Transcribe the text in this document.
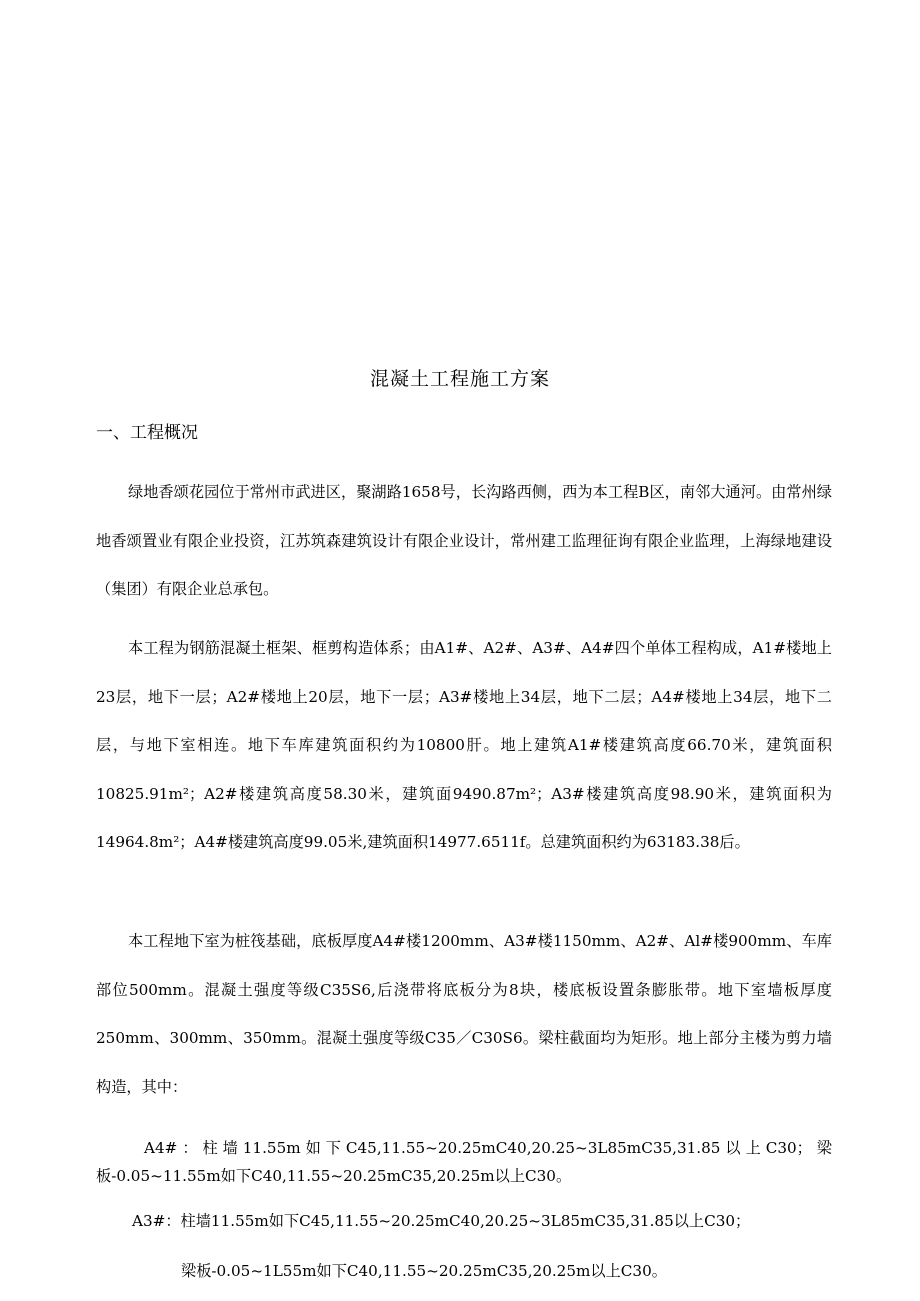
混凝土工程施工方案
一、工程概况

绿地香颂花园位于常州市武进区，聚湖路1658号，长沟路西侧，西为本工程B区，南邻大通河。由常州绿地香颂置业有限企业投资，江苏筑森建筑设计有限企业设计，常州建工监理征询有限企业监理，上海绿地建设（集团）有限企业总承包。

本工程为钢筋混凝土框架、框剪构造体系；由A1#、A2#、A3#、A4#四个单体工程构成，A1#楼地上23层，地下一层；A2#楼地上20层，地下一层；A3#楼地上34层，地下二层；A4#楼地上34层，地下二层，与地下室相连。地下车库建筑面积约为10800肝。地上建筑A1#楼建筑高度66.70米，建筑面积10825.91m²；A2#楼建筑高度58.30米，建筑面9490.87m²；A3#楼建筑高度98.90米，建筑面积为14964.8m²；A4#楼建筑高度99.05米,建筑面积14977.6511f。总建筑面积约为63183.38后。

本工程地下室为桩筏基础，底板厚度A4#楼1200mm、A3#楼1150mm、A2#、Al#楼900mm、车库部位500mm。混凝土强度等级C35S6,后浇带将底板分为8块，楼底板设置条膨胀带。地下室墙板厚度250mm、300mm、350mm。混凝土强度等级C35／C30S6。梁柱截面均为矩形。地上部分主楼为剪力墙构造，其中：

A4#：柱墙11.55m如下C45,11.55~20.25mC40,20.25~3L85mC35,31.85以上C30；梁板-0.05~11.55m如下C40,11.55~20.25mC35,20.25m以上C30。

A3#：柱墙11.55m如下C45,11.55~20.25mC40,20.25~3L85mC35,31.85以上C30；

梁板-0.05~1L55m如下C40,11.55~20.25mC35,20.25m以上C30。
